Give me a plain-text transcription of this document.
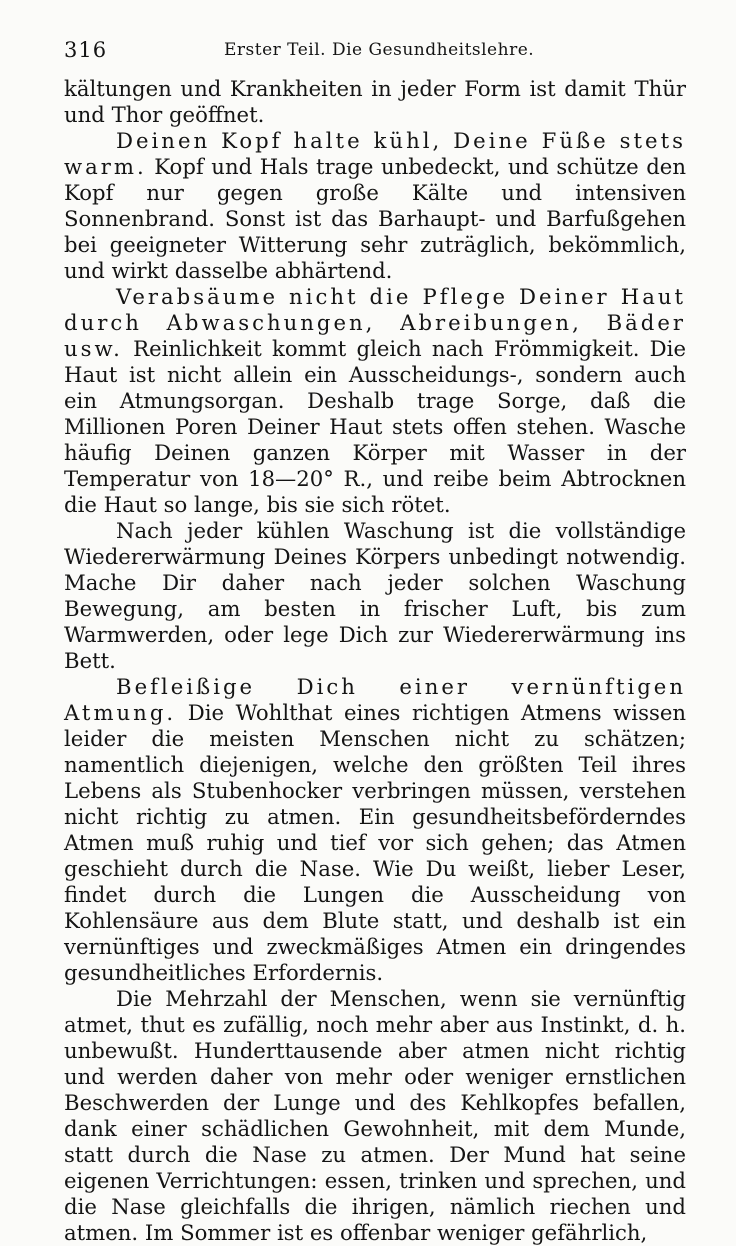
316	Erster Teil. Die Gesundheitslehre.

kältungen und Krankheiten in jeder Form ist damit Thür und Thor geöffnet.

Deinen Kopf halte kühl, Deine Füße stets warm. Kopf und Hals trage unbedeckt, und schütze den Kopf nur gegen große Kälte und intensiven Sonnenbrand. Sonst ist das Barhaupt- und Barfußgehen bei geeigneter Witterung sehr zuträglich, bekömmlich, und wirkt dasselbe abhärtend.

Verabsäume nicht die Pflege Deiner Haut durch Abwaschungen, Abreibungen, Bäder usw. Reinlichkeit kommt gleich nach Frömmigkeit. Die Haut ist nicht allein ein Ausscheidungs-, sondern auch ein Atmungsorgan. Deshalb trage Sorge, daß die Millionen Poren Deiner Haut stets offen stehen. Wasche häufig Deinen ganzen Körper mit Wasser in der Temperatur von 18—20° R., und reibe beim Abtrocknen die Haut so lange, bis sie sich rötet.

Nach jeder kühlen Waschung ist die vollständige Wiedererwärmung Deines Körpers unbedingt notwendig. Mache Dir daher nach jeder solchen Waschung Bewegung, am besten in frischer Luft, bis zum Warmwerden, oder lege Dich zur Wiedererwärmung ins Bett.

Befleißige Dich einer vernünftigen Atmung. Die Wohlthat eines richtigen Atmens wissen leider die meisten Menschen nicht zu schätzen; namentlich diejenigen, welche den größten Teil ihres Lebens als Stubenhocker verbringen müssen, verstehen nicht richtig zu atmen. Ein gesundheitsbeförderndes Atmen muß ruhig und tief vor sich gehen; das Atmen geschieht durch die Nase. Wie Du weißt, lieber Leser, findet durch die Lungen die Ausscheidung von Kohlensäure aus dem Blute statt, und deshalb ist ein vernünftiges und zweckmäßiges Atmen ein dringendes gesundheitliches Erfordernis.

Die Mehrzahl der Menschen, wenn sie vernünftig atmet, thut es zufällig, noch mehr aber aus Instinkt, d. h. unbewußt. Hunderttausende aber atmen nicht richtig und werden daher von mehr oder weniger ernstlichen Beschwerden der Lunge und des Kehlkopfes befallen, dank einer schädlichen Gewohnheit, mit dem Munde, statt durch die Nase zu atmen. Der Mund hat seine eigenen Verrichtungen: essen, trinken und sprechen, und die Nase gleichfalls die ihrigen, nämlich riechen und atmen. Im Sommer ist es offenbar weniger gefährlich,
